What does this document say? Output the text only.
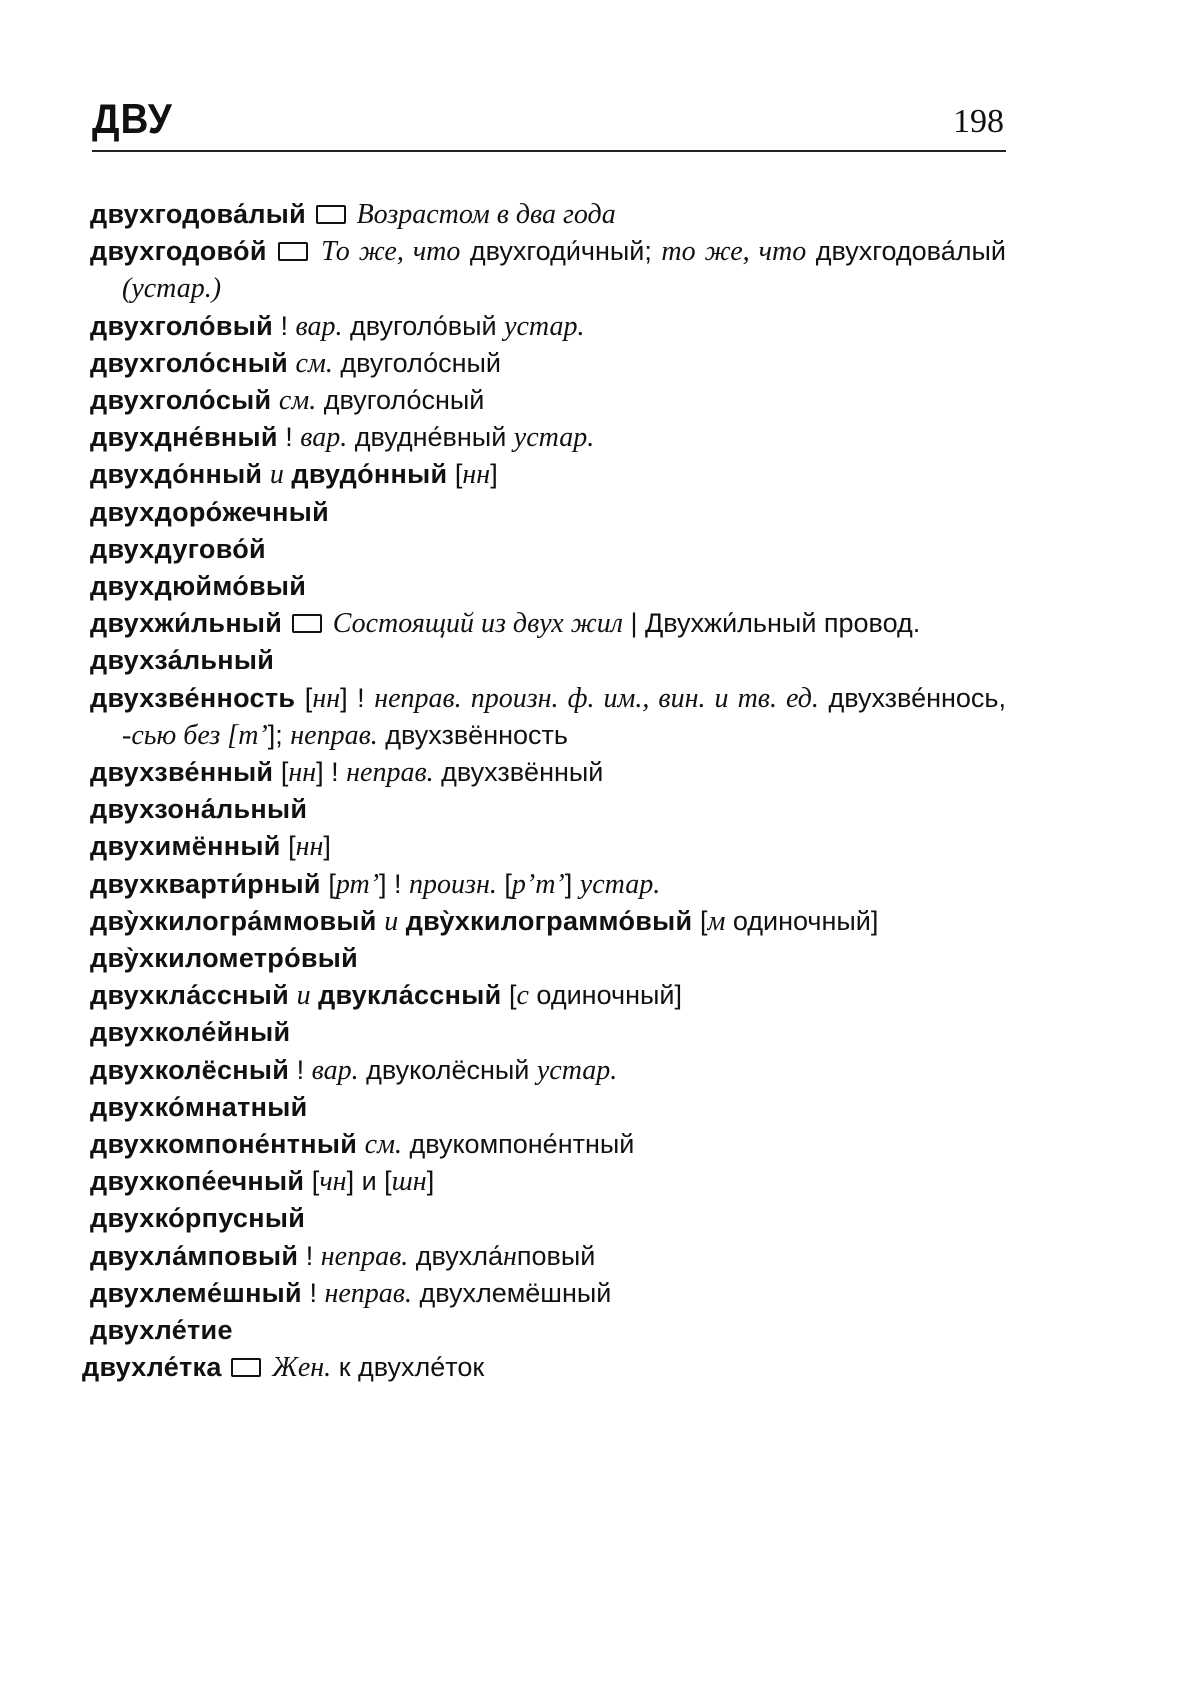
ДВУ	198
двухгодова́лый  Возрастом в два года
двухгодово́й  То же, что двухгоди́чный; то же, что двухгодова́лый (устар.)
двухголо́вый ! вар. двуголо́вый устар.
двухголо́сный см. двуголо́сный
двухголо́сый см. двуголо́сный
двухдне́вный ! вар. двудне́вный устар.
двухдо́нный и двудо́нный [нн]
двухдоро́жечный
двухдугово́й
двухдюймо́вый
двухжи́льный  Состоящий из двух жил | Двухжи́льный провод.
двухза́льный
двухзве́нность [нн] ! неправ. произн. ф. им., вин. и тв. ед. двухзве́ннось, -сью без [тʼ]; неправ. двухзвённость
двухзве́нный [нн] ! неправ. двухзвённый
двухзона́льный
двухимённый [нн]
двухкварти́рный [ртʼ] ! произн. [рʼтʼ] устар.
дву̀хкилогра́ммовый и дву̀хкилограммо́вый [м одиночный]
дву̀хкилометро́вый
двухкла́ссный и двукла́ссный [с одиночный]
двухколе́йный
двухколёсный ! вар. двуколёсный устар.
двухко́мнатный
двухкомпоне́нтный см. двукомпоне́нтный
двухкопе́ечный [чн] и [шн]
двухко́рпусный
двухла́мповый ! неправ. двухла́нповый
двухлеме́шный ! неправ. двухлемёшный
двухле́тие
двухле́тка  Жен. к двухле́ток
